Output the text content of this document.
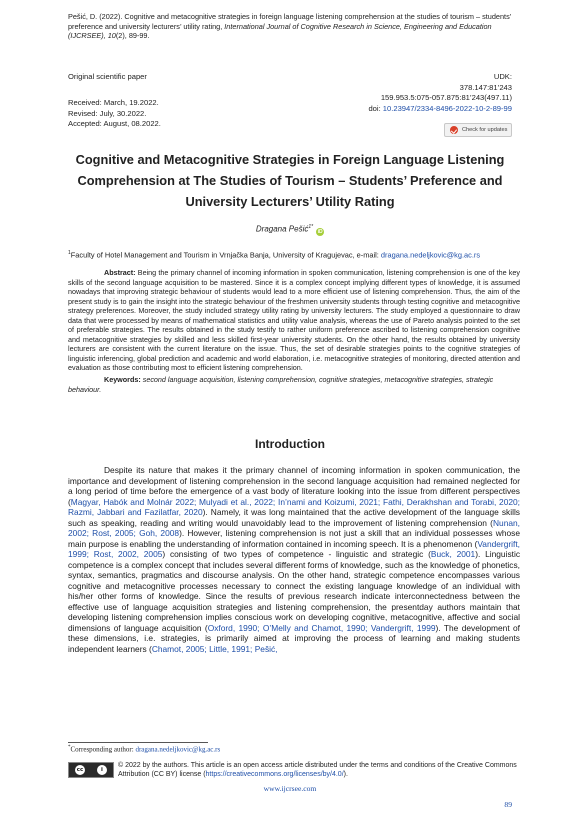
Pešić, D. (2022). Cognitive and metacognitive strategies in foreign language listening comprehension at the studies of tourism – students’ preference and university lecturers’ utility rating, International Journal of Cognitive Research in Science, Engineering and Education (IJCRSEE), 10(2), 89-99.
Original scientific paper
Received: March, 19.2022.
Revised: July, 30.2022.
Accepted: August, 08.2022.
UDK:
378.147:81’243
159.953.5:075-057.875:81’243(497.11)
doi: 10.23947/2334-8496-2022-10-2-89-99
Check for updates
Cognitive and Metacognitive Strategies in Foreign Language Listening Comprehension at The Studies of Tourism – Students’ Preference and University Lecturers’ Utility Rating
Dragana Pešić$^{1*}$iD
$^1$Faculty of Hotel Management and Tourism in Vrnjačka Banja, University of Kragujevac, e-mail: dragana.nedeljkovic@kg.ac.rs

Abstract: Being the primary channel of incoming information in spoken communication, listening comprehension is one of the key skills of the second language acquisition to be mastered. Since it is a complex concept implying different types of knowledge, it is assumed nowadays that improving strategic behaviour of students would lead to a more efficient use of listening comprehension. Thus, the aim of the present study is to gain the insight into the strategic behaviour of the freshmen university students through testing cognitive and metacognitive strategy preferences. Moreover, the study included strategy utility rating by university lecturers. The study employed a questionnaire to draw data that were processed by means of mathematical statistics and utility value analysis, whereas the use of Pareto analysis pointed to the set of preferable strategies. The results obtained in the study testify to rather uniform preference ascribed to listening comprehension cognitive and metacognitive strategies by skilled and less skilled first-year university students. On the other hand, the results obtained by university lecturers are consistent with the current literature on the issue. Thus, the set of desirable strategies points to the cognitive strategies of linguistic inferencing, global prediction and academic and world elaboration, i.e. metacognitive strategies of monitoring, directed attention and evaluation as those contributing most to efficient listening comprehension.

Keywords: second language acquisition, listening comprehension, cognitive strategies, metacognitive strategies, strategic behaviour.
Introduction

Despite its nature that makes it the primary channel of incoming information in spoken communication, the importance and development of listening comprehension in the second language acquisition had remained neglected for a long period of time before the emergence of a vast body of literature looking into the issue from different perspectives (Magyar, Habók and Molnár 2022; Mulyadi et al., 2022; In’nami and Koizumi, 2021; Fathi, Derakhshan and Torabi, 2020; Razmi, Jabbari and Fazilatfar, 2020). Namely, it was long maintained that the active development of the language skills such as speaking, reading and writing would unavoidably lead to the improvement of listening comprehension (Nunan, 2002; Rost, 2005; Goh, 2008). However, listening comprehension is not just a skill that an individual possesses whose main purpose is enabling the understanding of information contained in incoming speech. It is a phenomenon (Vandergrift, 1999; Rost, 2002, 2005) consisting of two types of competence - linguistic and strategic (Buck, 2001). Linguistic competence is a complex concept that includes several different forms of knowledge, such as the knowledge of phonetics, syntax, semantics, pragmatics and discourse analysis. On the other hand, strategic competence encompasses various cognitive and metacognitive processes necessary to connect the existing language knowledge of an individual with his/her other forms of knowledge. Since the results of previous research indicate interconnectedness between the effective use of language acquisition strategies and listening comprehension, the presentday authors maintain that developing listening comprehension implies conscious work on developing cognitive, metacognitive, affective and social dimensions of language acquisition (Oxford, 1990; O’Melly and Chamot, 1990; Vandergrift, 1999). The development of these dimensions, i.e. strategies, is primarily aimed at improving the process of learning and making students independent learners (Chamot, 2005; Little, 1991; Pešić,

*Corresponding author: dragana.nedeljkovic@kg.ac.rs
cc	i
© 2022 by the authors. This article is an open access article distributed under the terms and conditions of the Creative Commons Attribution (CC BY) license (https://creativecommons.org/licenses/by/4.0/).
www.ijcrsee.com
89
